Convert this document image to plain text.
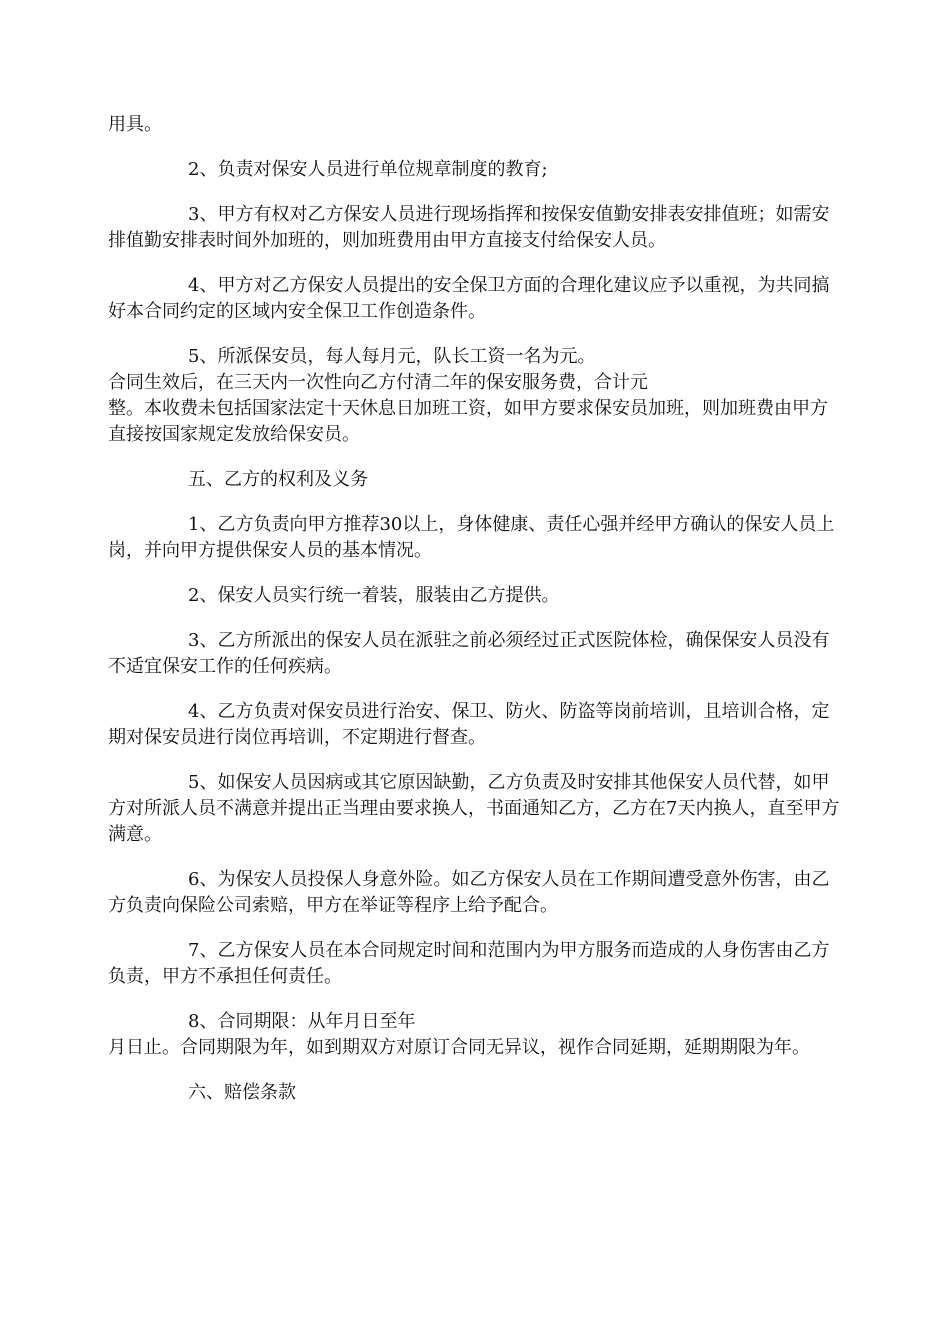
用具。

2、负责对保安人员进行单位规章制度的教育;

3、甲方有权对乙方保安人员进行现场指挥和按保安值勤安排表安排值班；如需安排值勤安排表时间外加班的，则加班费用由甲方直接支付给保安人员。

4、甲方对乙方保安人员提出的安全保卫方面的合理化建议应予以重视，为共同搞好本合同约定的区域内安全保卫工作创造条件。

5、所派保安员，每人每月元，队长工资一名为元。
合同生效后，在三天内一次性向乙方付清二年的保安服务费，合计元
整。本收费未包括国家法定十天休息日加班工资，如甲方要求保安员加班，则加班费由甲方直接按国家规定发放给保安员。

五、乙方的权利及义务

1、乙方负责向甲方推荐30以上，身体健康、责任心强并经甲方确认的保安人员上岗，并向甲方提供保安人员的基本情况。

2、保安人员实行统一着装，服装由乙方提供。

3、乙方所派出的保安人员在派驻之前必须经过正式医院体检，确保保安人员没有不适宜保安工作的任何疾病。

4、乙方负责对保安员进行治安、保卫、防火、防盗等岗前培训，且培训合格，定期对保安员进行岗位再培训，不定期进行督查。

5、如保安人员因病或其它原因缺勤，乙方负责及时安排其他保安人员代替，如甲方对所派人员不满意并提出正当理由要求换人，书面通知乙方，乙方在7天内换人，直至甲方满意。

6、为保安人员投保人身意外险。如乙方保安人员在工作期间遭受意外伤害，由乙方负责向保险公司索赔，甲方在举证等程序上给予配合。

7、乙方保安人员在本合同规定时间和范围内为甲方服务而造成的人身伤害由乙方负责，甲方不承担任何责任。

8、合同期限：从年月日至年
月日止。合同期限为年，如到期双方对原订合同无异议，视作合同延期，延期期限为年。

六、赔偿条款
